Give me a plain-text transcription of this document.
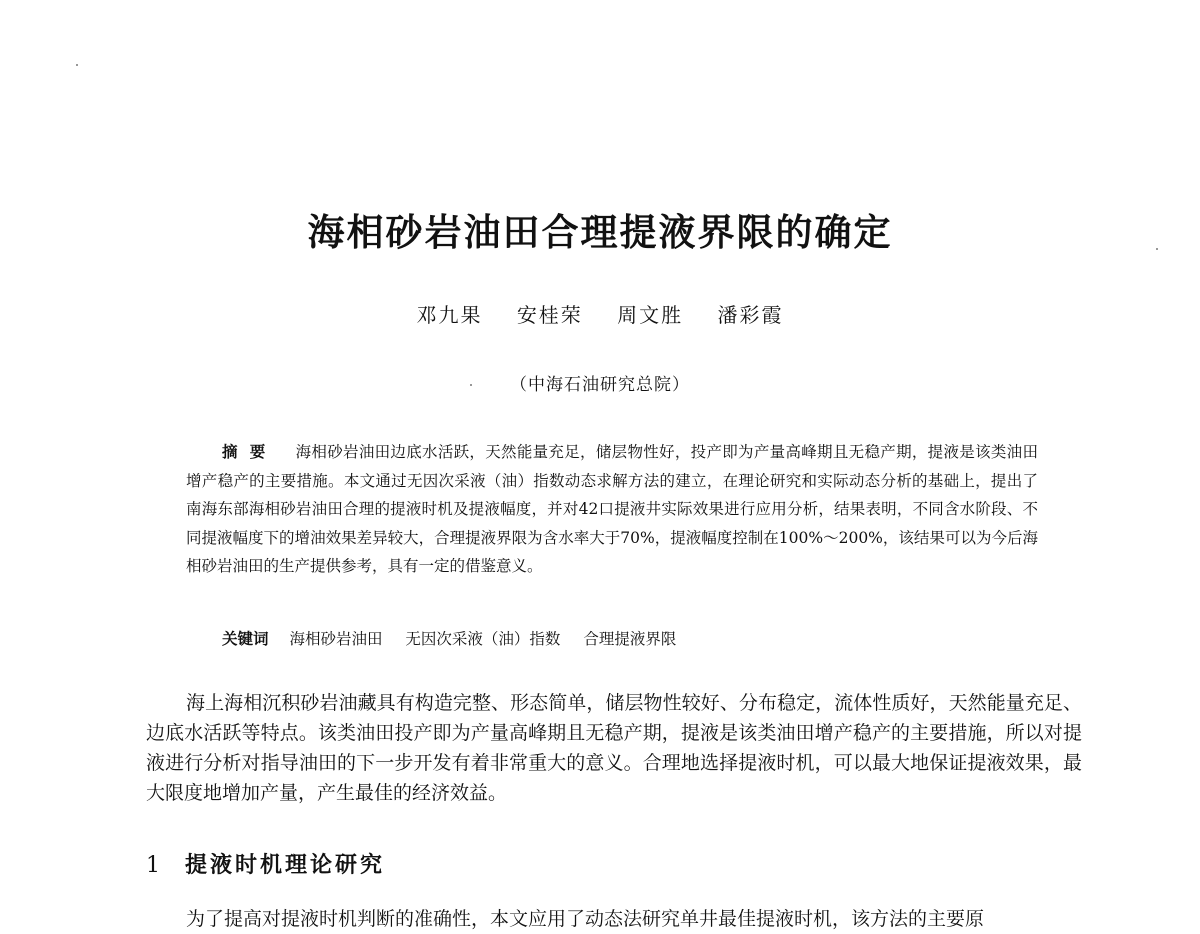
海相砂岩油田合理提液界限的确定
邓九果 安桂荣 周文胜 潘彩霞
（中海石油研究总院）
摘要 海相砂岩油田边底水活跃，天然能量充足，储层物性好，投产即为产量高峰期且无稳产期，提液是该类油田增产稳产的主要措施。本文通过无因次采液（油）指数动态求解方法的建立，在理论研究和实际动态分析的基础上，提出了南海东部海相砂岩油田合理的提液时机及提液幅度，并对42口提液井实际效果进行应用分析，结果表明，不同含水阶段、不同提液幅度下的增油效果差异较大，合理提液界限为含水率大于70%，提液幅度控制在100%～200%，该结果可以为今后海相砂岩油田的生产提供参考，具有一定的借鉴意义。
关键词 海相砂岩油田 无因次采液（油）指数 合理提液界限

海上海相沉积砂岩油藏具有构造完整、形态简单，储层物性较好、分布稳定，流体性质好，天然能量充足、边底水活跃等特点。该类油田投产即为产量高峰期且无稳产期，提液是该类油田增产稳产的主要措施，所以对提液进行分析对指导油田的下一步开发有着非常重大的意义。合理地选择提液时机，可以最大地保证提液效果，最大限度地增加产量，产生最佳的经济效益。

1 提液时机理论研究

为了提高对提液时机判断的准确性，本文应用了动态法研究单井最佳提液时机，该方法的主要原
